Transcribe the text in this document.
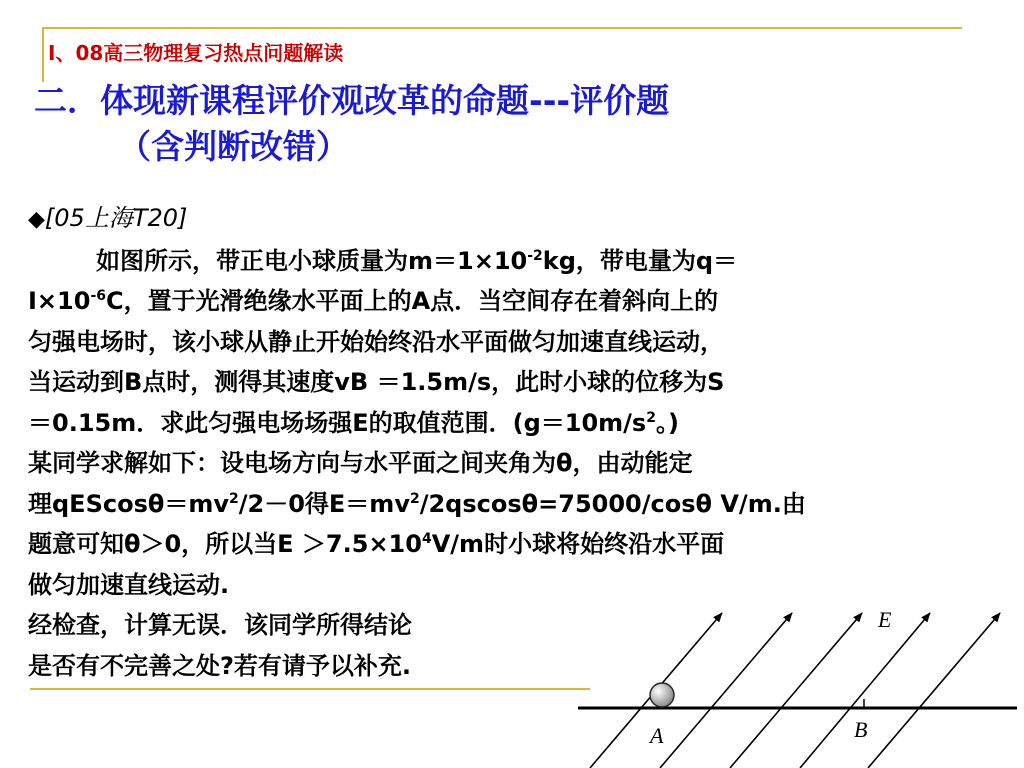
Ⅰ、08高三物理复习热点问题解读
二．体现新课程评价观改革的命题---评价题
（含判断改错）
◆[05上海T20]
如图所示，带正电小球质量为$m=1\times 10^{-2}kg$，带电量为q＝
$Ⅰ\times 10^{-6}C$，置于光滑绝缘水平面上的A点．当空间存在着斜向上的
匀强电场时，该小球从静止开始始终沿水平面做匀加速直线运动，
当运动到B点时，测得其速度vB ＝1.5m/s，此时小球的位移为S
＝0.15m．求此匀强电场场强E的取值范围．($g=10m/s^2$。)
某同学求解如下：设电场方向与水平面之间夹角为θ，由动能定
理$qEScos\theta=mv^2/2-0$得$E=mv^2/2qscos\theta=75000$/cosθ V/m.由
题意可知θ＞0，所以当$E >7.5\times 10^4V/m$时小球将始终沿水平面
做匀加速直线运动.
经检查，计算无误．该同学所得结论
是否有不完善之处?若有请予以补充.
E
A	B
